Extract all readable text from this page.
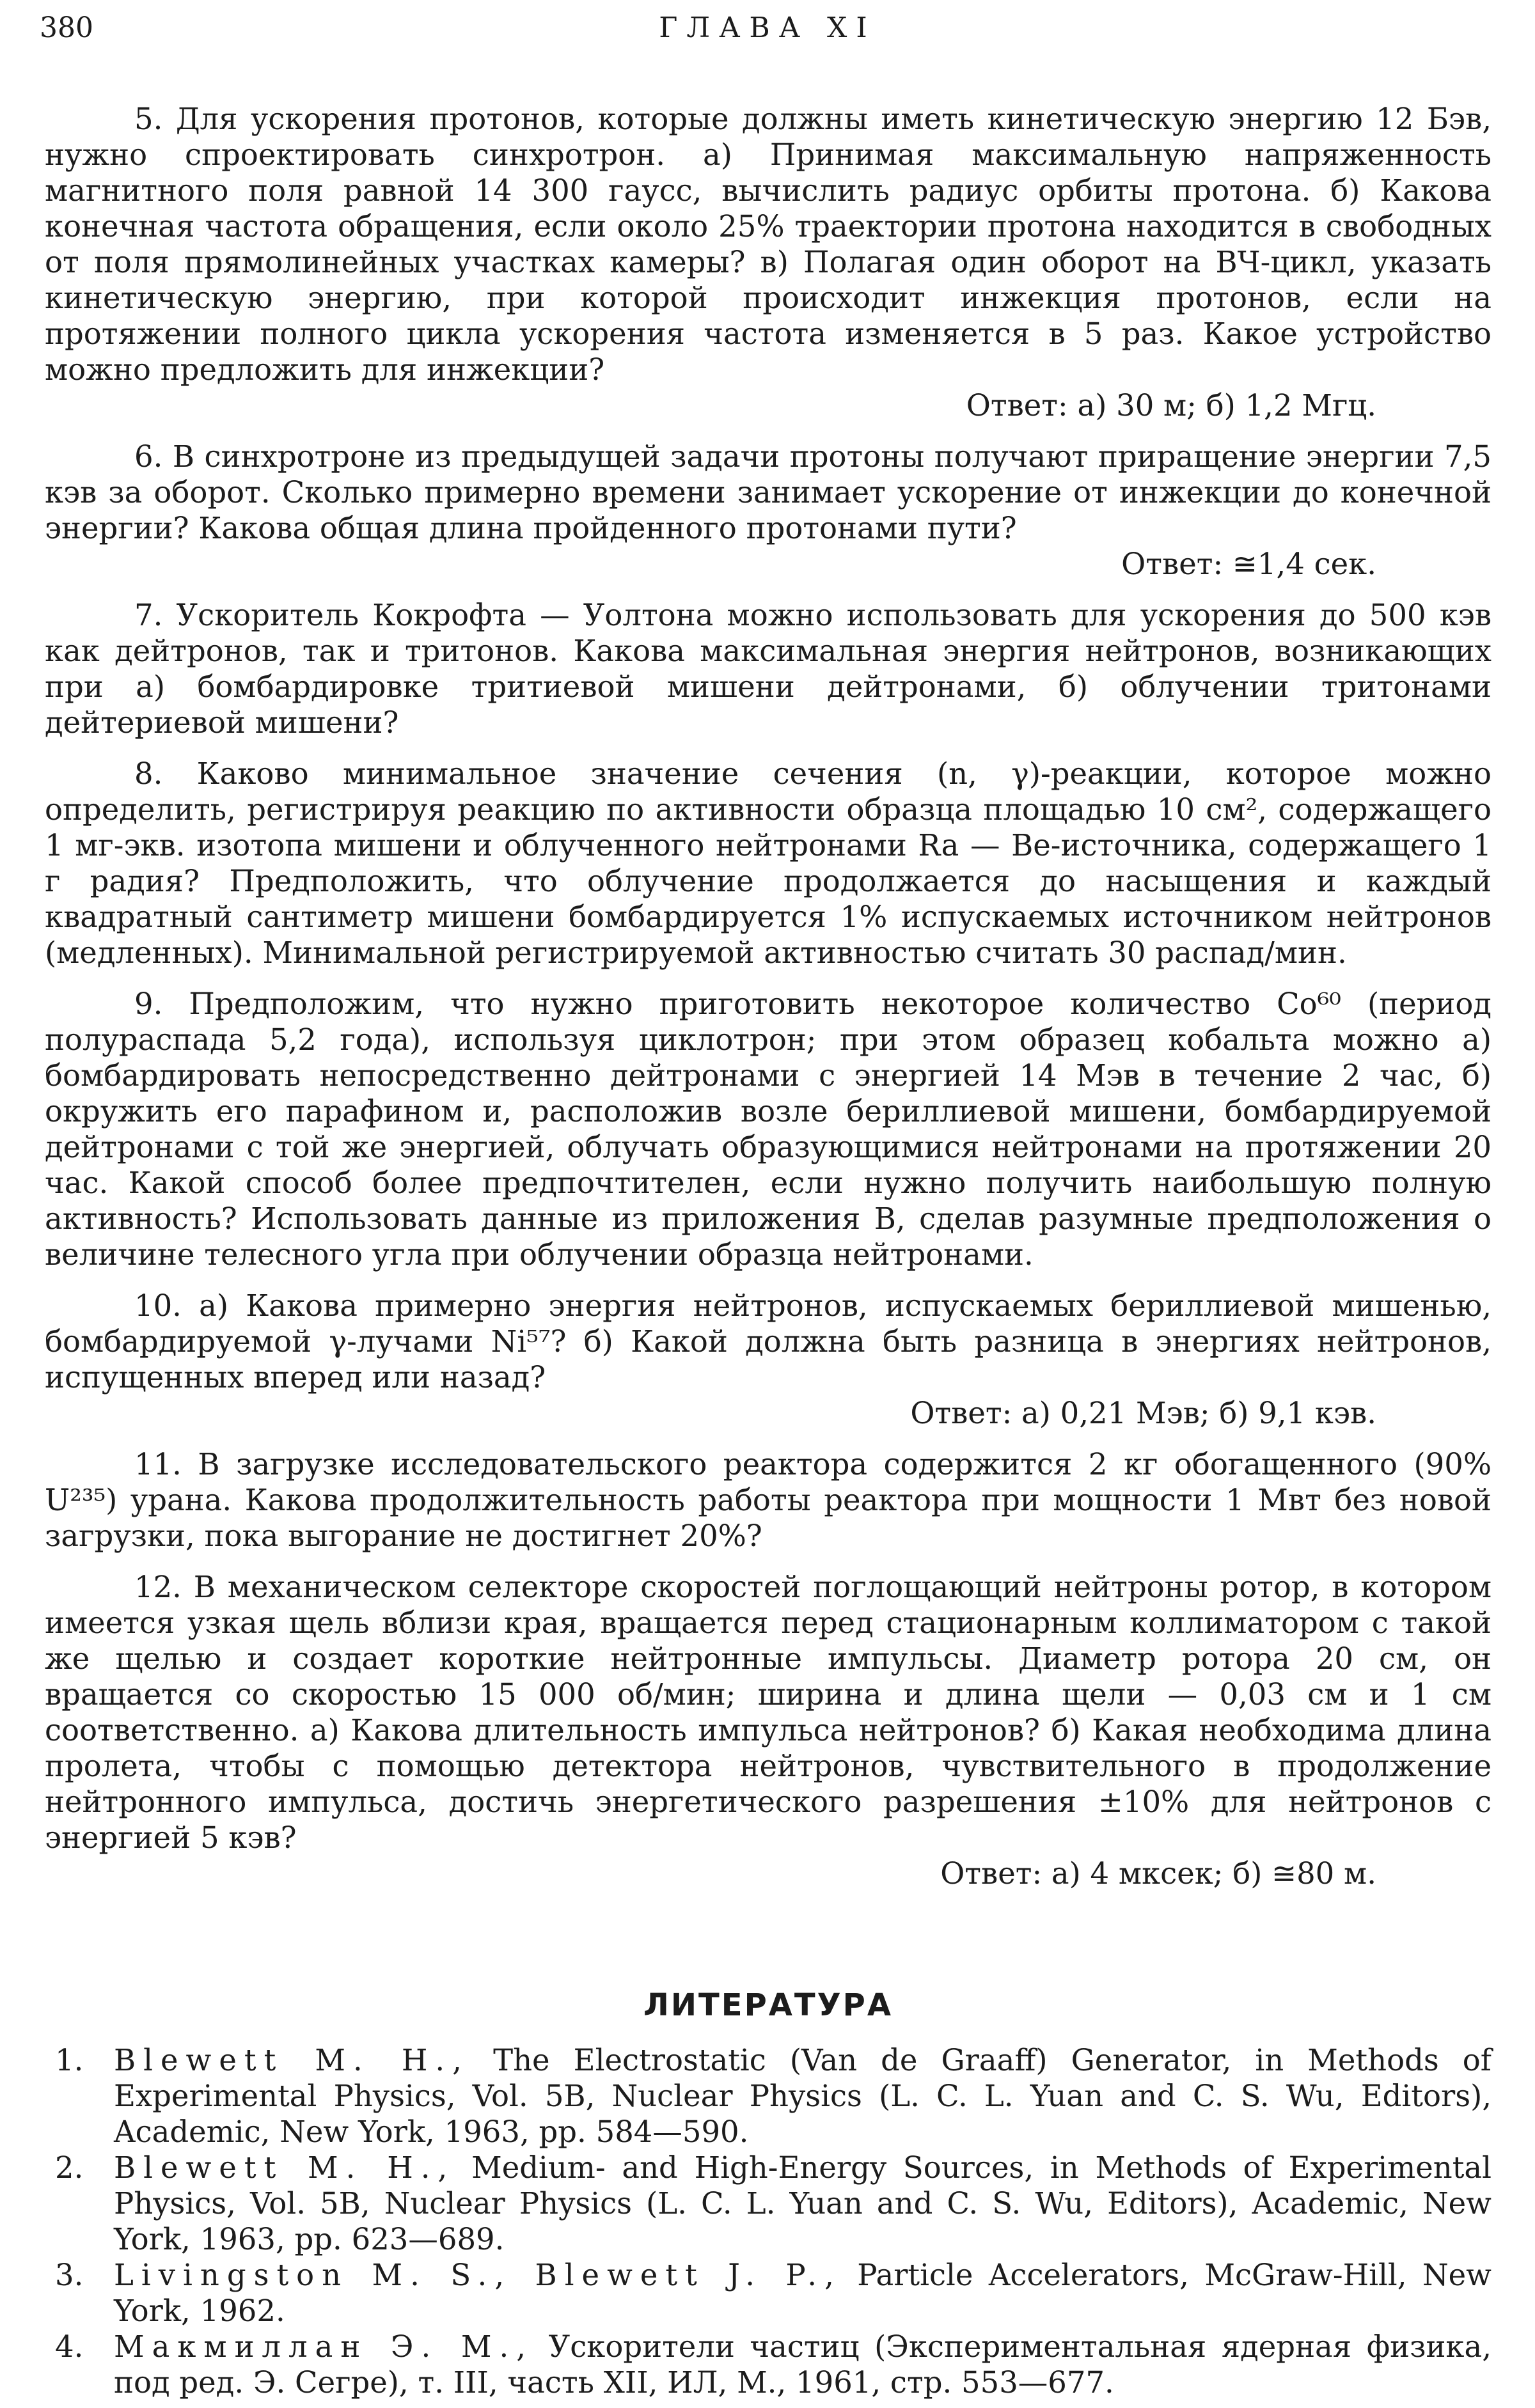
380	ГЛАВА XI

5. Для ускорения протонов, которые должны иметь кинетическую энергию 12 Бэв, нужно спроектировать синхротрон. а) Принимая максимальную напряженность магнитного поля равной 14 300 гаусс, вычислить радиус орбиты протона. б) Какова конечная частота обращения, если около 25% траектории протона находится в свободных от поля прямолинейных участках камеры? в) Полагая один оборот на ВЧ-цикл, указать кинетическую энергию, при которой происходит инжекция протонов, если на протяжении полного цикла ускорения частота изменяется в 5 раз. Какое устройство можно предложить для инжекции?

Ответ: а) 30 м; б) 1,2 Мгц.

6. В синхротроне из предыдущей задачи протоны получают приращение энергии 7,5 кэв за оборот. Сколько примерно времени занимает ускорение от инжекции до конечной энергии? Какова общая длина пройденного протонами пути?

Ответ: ≅1,4 сек.

7. Ускоритель Кокрофта — Уолтона можно использовать для ускорения до 500 кэв как дейтронов, так и тритонов. Какова максимальная энергия нейтронов, возникающих при а) бомбардировке тритиевой мишени дейтронами, б) облучении тритонами дейтериевой мишени?

8. Каково минимальное значение сечения (n, γ)-реакции, которое можно определить, регистрируя реакцию по активности образца площадью 10 см², содержащего 1 мг-экв. изотопа мишени и облученного нейтронами Ra — Be-источника, содержащего 1 г радия? Предположить, что облучение продолжается до насыщения и каждый квадратный сантиметр мишени бомбардируется 1% испускаемых источником нейтронов (медленных). Минимальной регистрируемой активностью считать 30 распад/мин.

9. Предположим, что нужно приготовить некоторое количество Co⁶⁰ (период полураспада 5,2 года), используя циклотрон; при этом образец кобальта можно а) бомбардировать непосредственно дейтронами с энергией 14 Мэв в течение 2 час, б) окружить его парафином и, расположив возле бериллиевой мишени, бомбардируемой дейтронами с той же энергией, облучать образующимися нейтронами на протяжении 20 час. Какой способ более предпочтителен, если нужно получить наибольшую полную активность? Использовать данные из приложения В, сделав разумные предположения о величине телесного угла при облучении образца нейтронами.

10. а) Какова примерно энергия нейтронов, испускаемых бериллиевой мишенью, бомбардируемой γ-лучами Ni⁵⁷? б) Какой должна быть разница в энергиях нейтронов, испущенных вперед или назад?

Ответ: а) 0,21 Мэв; б) 9,1 кэв.

11. В загрузке исследовательского реактора содержится 2 кг обогащенного (90% U²³⁵) урана. Какова продолжительность работы реактора при мощности 1 Мвт без новой загрузки, пока выгорание не достигнет 20%?

12. В механическом селекторе скоростей поглощающий нейтроны ротор, в котором имеется узкая щель вблизи края, вращается перед стационарным коллиматором с такой же щелью и создает короткие нейтронные импульсы. Диаметр ротора 20 см, он вращается со скоростью 15 000 об/мин; ширина и длина щели — 0,03 см и 1 см соответственно. а) Какова длительность импульса нейтронов? б) Какая необходима длина пролета, чтобы с помощью детектора нейтронов, чувствительного в продолжение нейтронного импульса, достичь энергетического разрешения ±10% для нейтронов с энергией 5 кэв?

Ответ: а) 4 мксек; б) ≅80 м.

ЛИТЕРАТУРА

1. Blewett M. H., The Electrostatic (Van de Graaff) Generator, in Methods of Experimental Physics, Vol. 5B, Nuclear Physics (L. C. L. Yuan and C. S. Wu, Editors), Academic, New York, 1963, pp. 584—590.

2. Blewett M. H., Medium- and High-Energy Sources, in Methods of Experimental Physics, Vol. 5B, Nuclear Physics (L. C. L. Yuan and C. S. Wu, Editors), Academic, New York, 1963, pp. 623—689.

3. Livingston M. S., Blewett J. P., Particle Accelerators, McGraw-Hill, New York, 1962.

4. Макмиллан Э. М., Ускорители частиц (Экспериментальная ядерная физика, под ред. Э. Сегре), т. III, часть XII, ИЛ, М., 1961, стр. 553—677.
